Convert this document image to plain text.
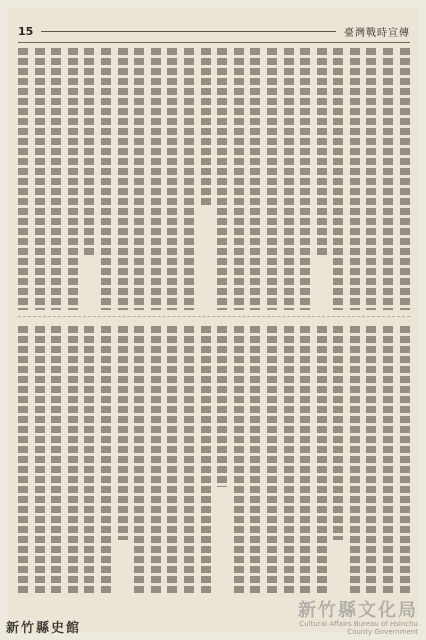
15	臺灣戰時宣傳
新竹縣史館
新竹縣文化局
Cultural Affairs Bureau of Hsinchu
County Government
